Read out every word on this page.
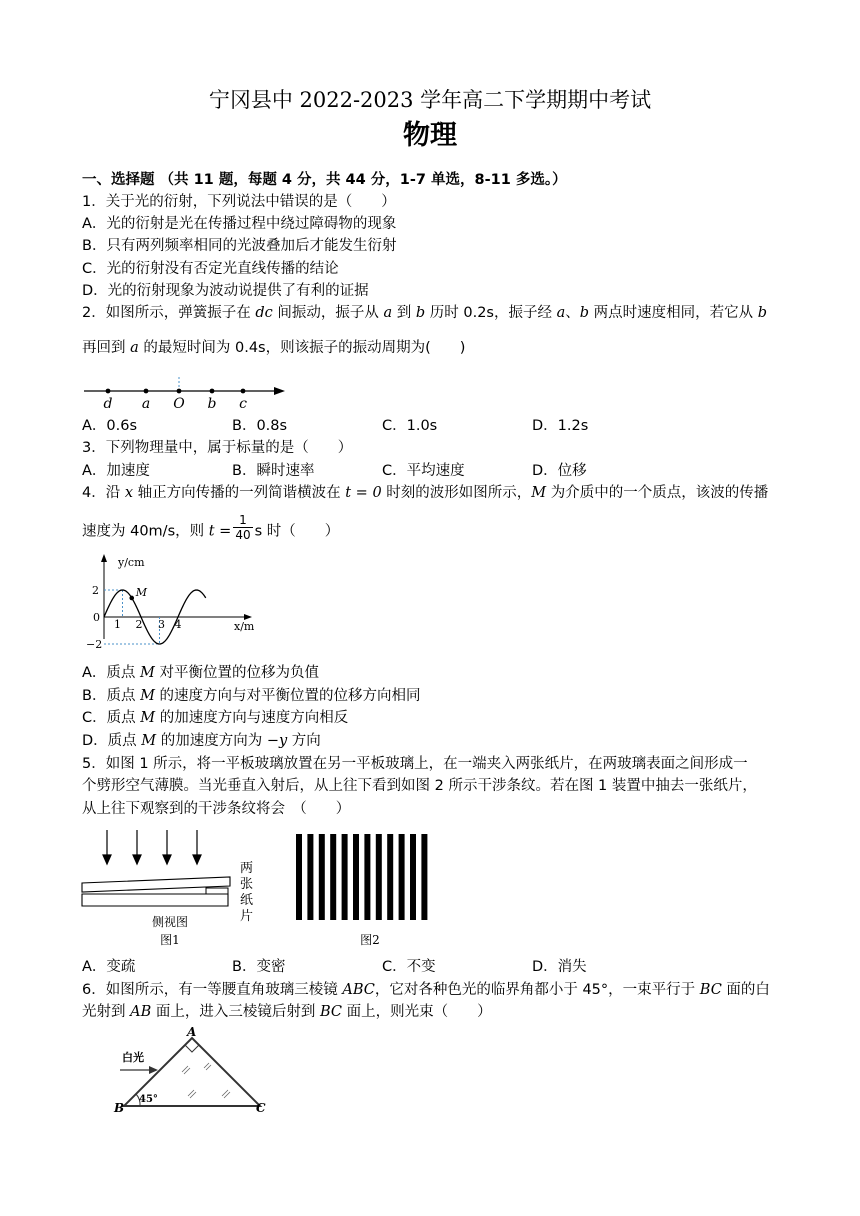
宁冈县中 2022-2023 学年高二下学期期中考试
物理
一、选择题 （共 11 题，每题 4 分，共 44 分，1-7 单选，8-11 多选。）
1．关于光的衍射，下列说法中错误的是（　　）
A．光的衍射是光在传播过程中绕过障碍物的现象
B．只有两列频率相同的光波叠加后才能发生衍射
C．光的衍射没有否定光直线传播的结论
D．光的衍射现象为波动说提供了有利的证据
2．如图所示，弹簧振子在 dc 间振动，振子从 a 到 b 历时 0.2s，振子经 a、b 两点时速度相同，若它从 b
再回到 a 的最短时间为 0.4s，则该振子的振动周期为(　　)
d a O b c
A．0.6s	B．0.8s	C．1.0s	D．1.2s
3．下列物理量中，属于标量的是（　　）
A．加速度	B．瞬时速率	C．平均速度	D．位移
4．沿 x 轴正方向传播的一列简谐横波在 t = 0 时刻的波形如图所示，M 为介质中的一个质点，该波的传播
速度为 40m/s，则 $t = \frac{1}{40}$ s 时（　　）
y/cm
x/m
0
M
2
−2
1 2 3 4
A．质点 M 对平衡位置的位移为负值
B．质点 M 的速度方向与对平衡位置的位移方向相同
C．质点 M 的加速度方向与速度方向相反
D．质点 M 的加速度方向为 −y 方向
5．如图 1 所示，将一平板玻璃放置在另一平板玻璃上，在一端夹入两张纸片，在两玻璃表面之间形成一
个劈形空气薄膜。当光垂直入射后，从上往下看到如图 2 所示干涉条纹。若在图 1 装置中抽去一张纸片，
从上往下观察到的干涉条纹将会　（　　）
侧视图
图1
两
张
纸
片
图2
A．变疏	B．变密	C．不变	D．消失
6．如图所示，有一等腰直角玻璃三棱镜 ABC，它对各种色光的临界角都小于 45°，一束平行于 BC 面的白
光射到 AB 面上，进入三棱镜后射到 BC 面上，则光束（　　）
白光
A
B	C
45°
